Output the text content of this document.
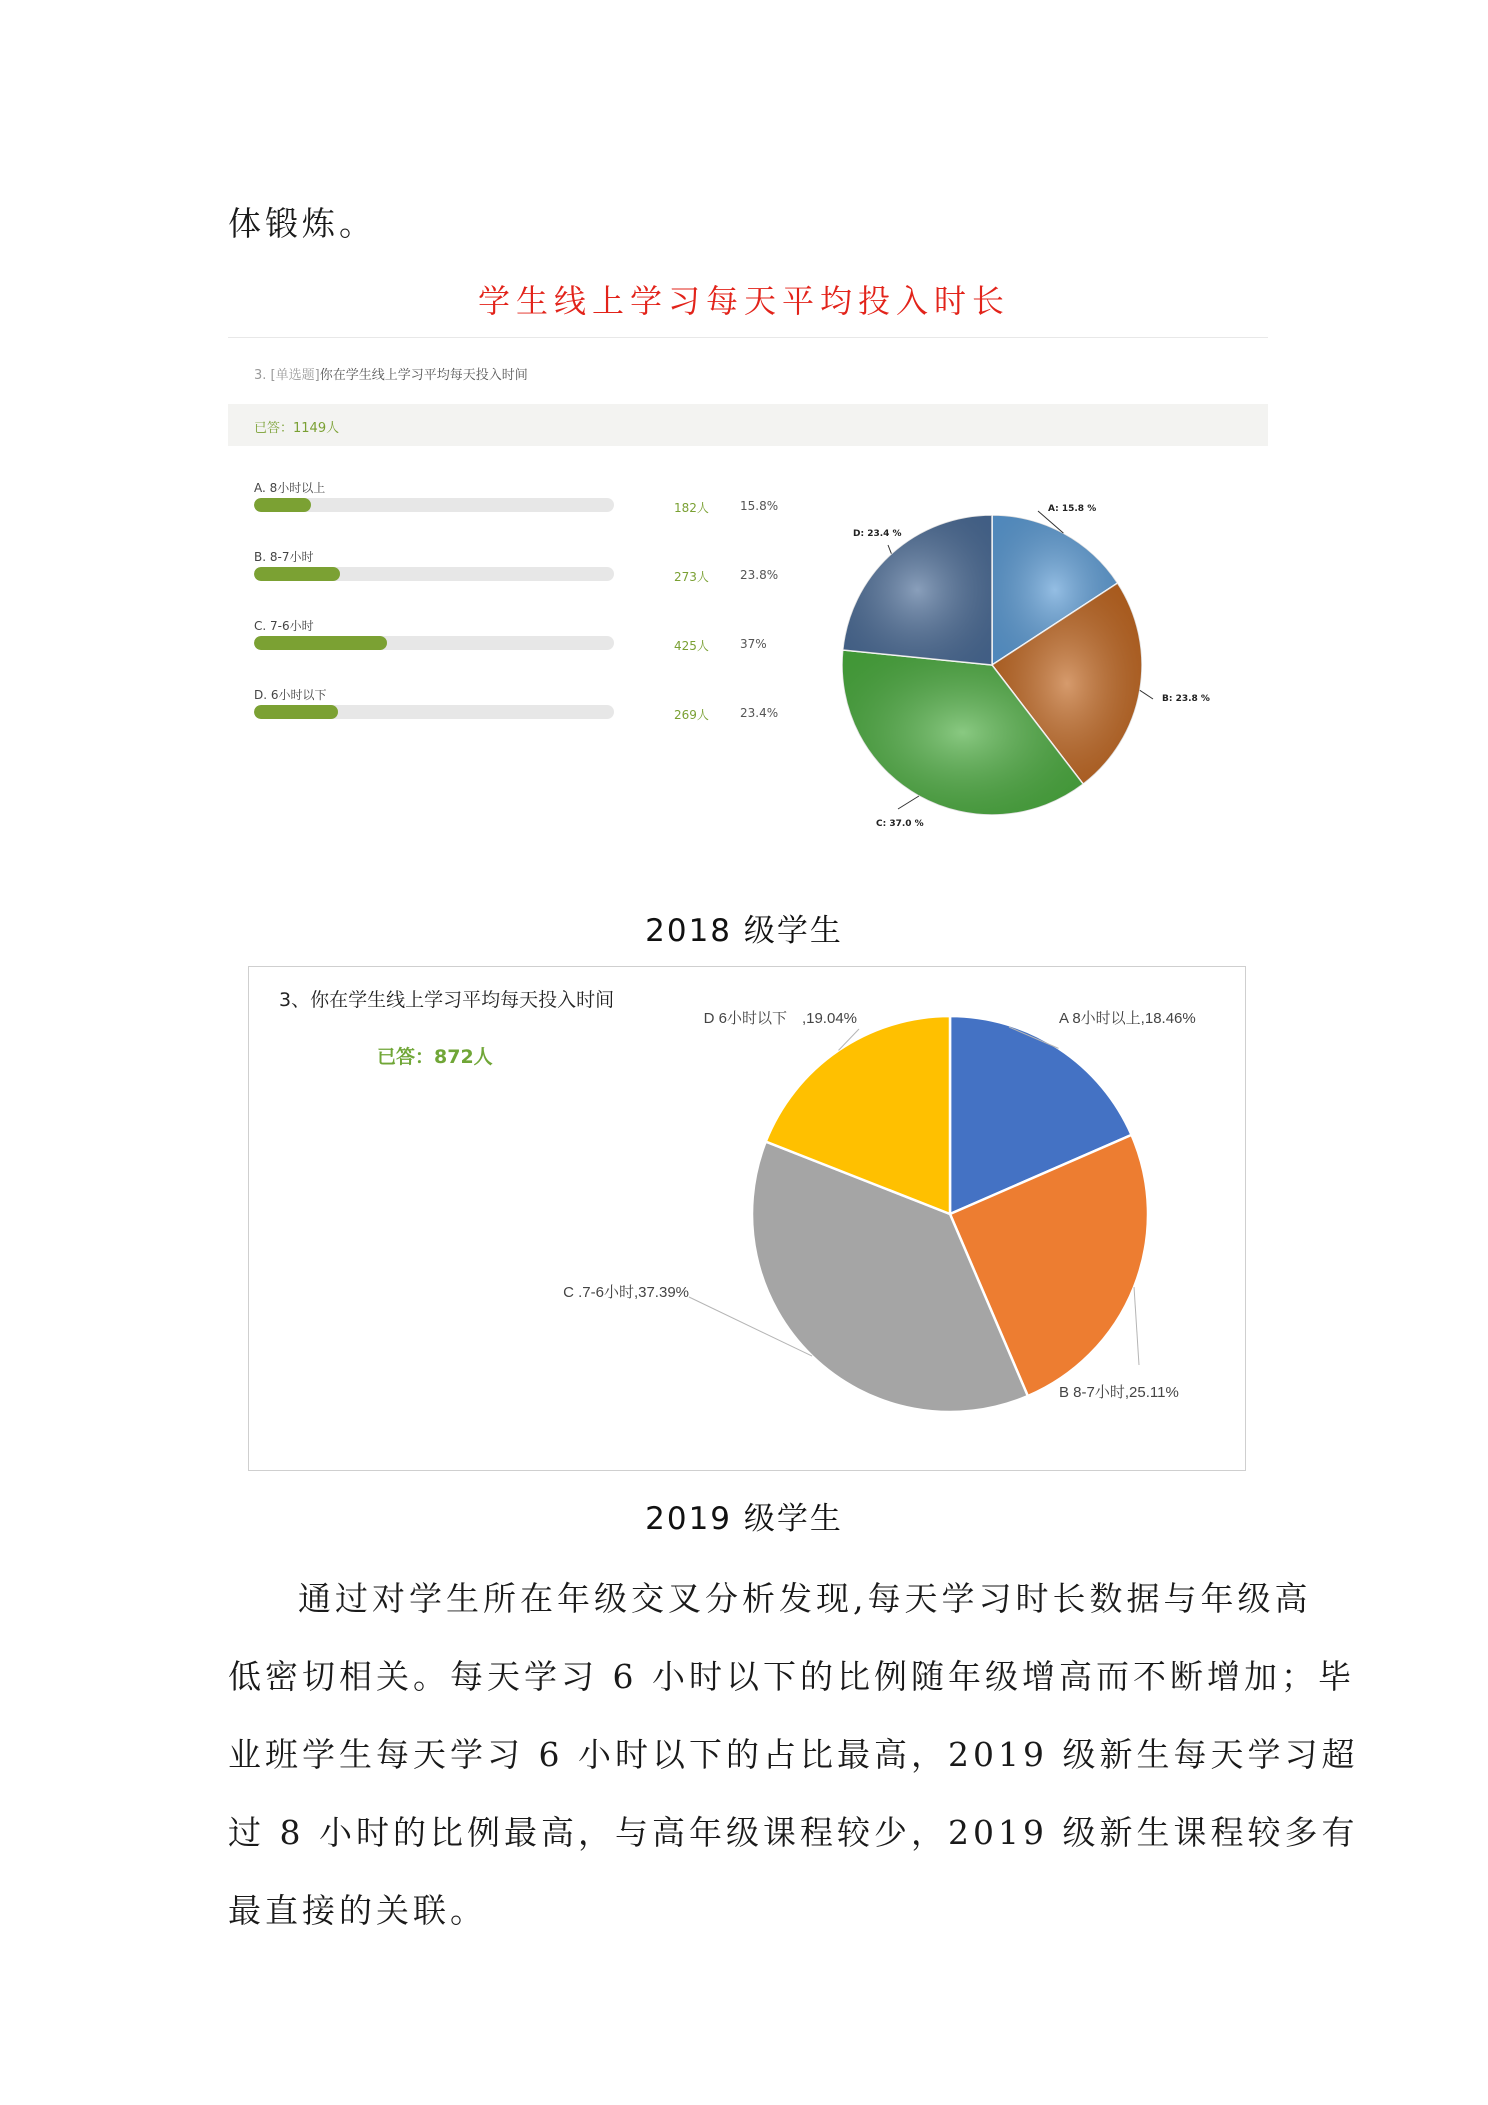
体锻炼。
学生线上学习每天平均投入时长
3. [单选题]你在学生线上学习平均每天投入时间
已答：1149人
A. 8小时以上
182人	15.8%
B. 8-7小时
273人	23.8%
C. 7-6小时
425人	37%
D. 6小时以下
269人	23.4%
A: 15.8 %
B: 23.8 %
C: 37.0 %
D: 23.4 %
2018 级学生
3、你在学生线上学习平均每天投入时间
已答：872人
A 8小时以上,18.46%
B 8-7小时,25.11%
C .7-6小时,37.39%
D 6小时以下　,19.04%
2019 级学生
通过对学生所在年级交叉分析发现,每天学习时长数据与年级高
低密切相关。每天学习 6 小时以下的比例随年级增高而不断增加；毕
业班学生每天学习 6 小时以下的占比最高，2019 级新生每天学习超
过 8 小时的比例最高，与高年级课程较少，2019 级新生课程较多有
最直接的关联。
